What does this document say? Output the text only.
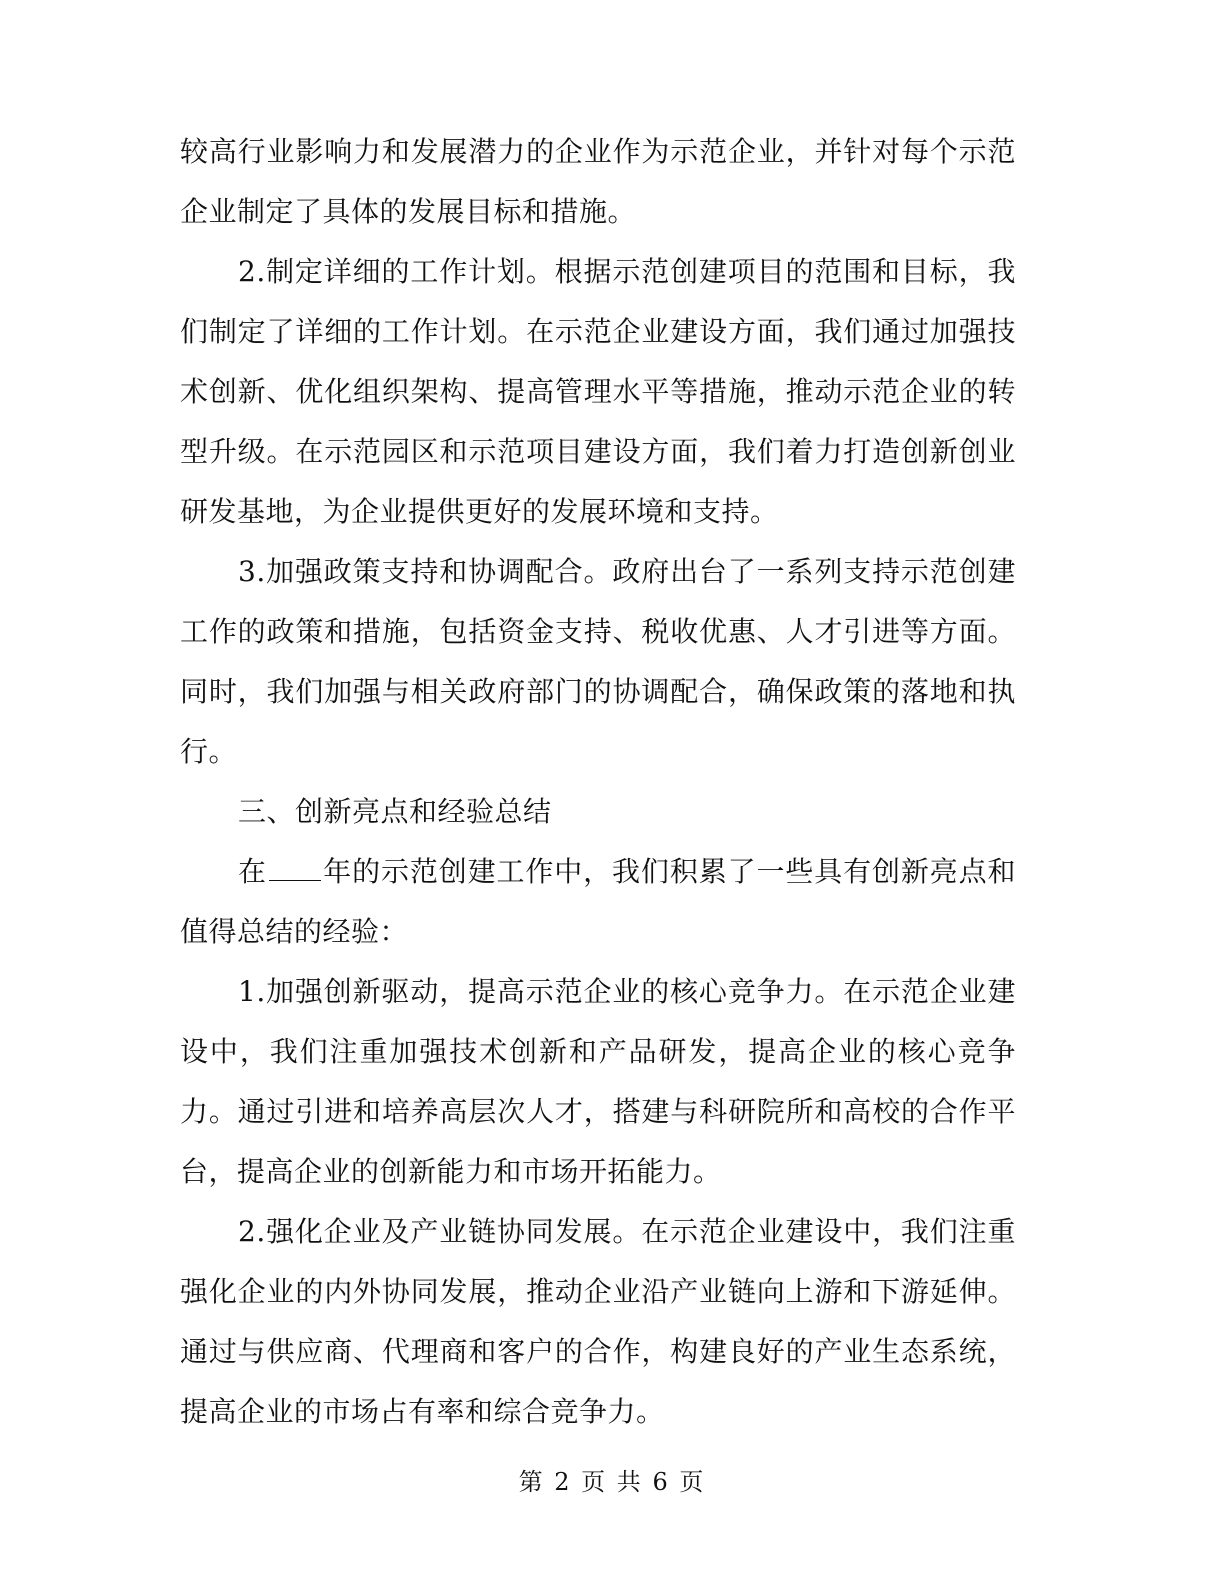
较高行业影响力和发展潜力的企业作为示范企业，并针对每个示范企业制定了具体的发展目标和措施。

2.制定详细的工作计划。根据示范创建项目的范围和目标，我们制定了详细的工作计划。在示范企业建设方面，我们通过加强技术创新、优化组织架构、提高管理水平等措施，推动示范企业的转型升级。在示范园区和示范项目建设方面，我们着力打造创新创业研发基地，为企业提供更好的发展环境和支持。

3.加强政策支持和协调配合。政府出台了一系列支持示范创建工作的政策和措施，包括资金支持、税收优惠、人才引进等方面。同时，我们加强与相关政府部门的协调配合，确保政策的落地和执行。

三、创新亮点和经验总结

在 年的示范创建工作中，我们积累了一些具有创新亮点和值得总结的经验：

1.加强创新驱动，提高示范企业的核心竞争力。在示范企业建设中，我们注重加强技术创新和产品研发，提高企业的核心竞争力。通过引进和培养高层次人才，搭建与科研院所和高校的合作平台，提高企业的创新能力和市场开拓能力。

2.强化企业及产业链协同发展。在示范企业建设中，我们注重强化企业的内外协同发展，推动企业沿产业链向上游和下游延伸。通过与供应商、代理商和客户的合作，构建良好的产业生态系统，提高企业的市场占有率和综合竞争力。

第 2 页 共 6 页
